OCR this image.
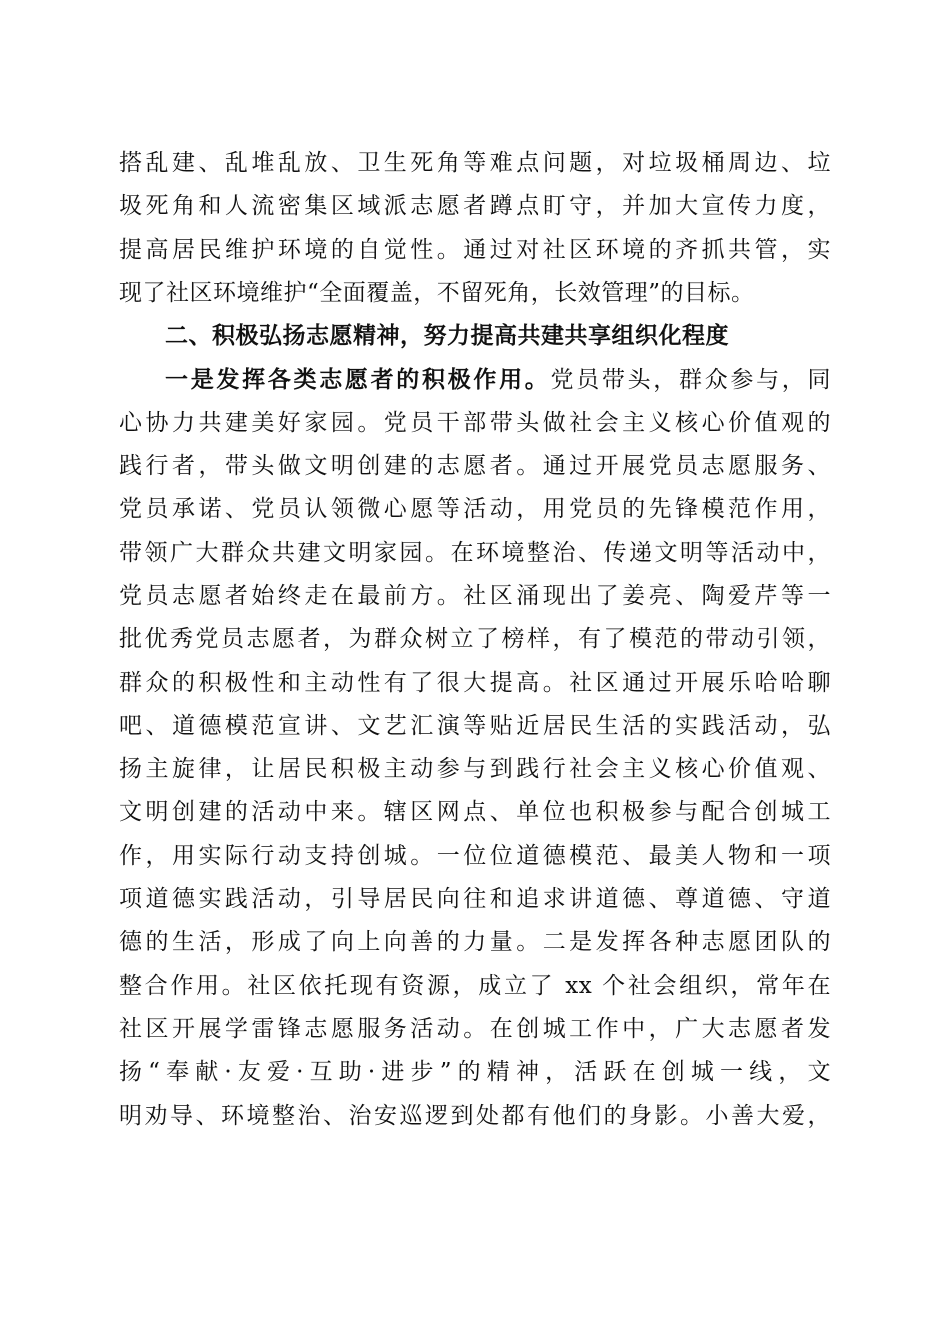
搭乱建、乱堆乱放、卫生死角等难点问题，对垃圾桶周边、垃
圾死角和人流密集区域派志愿者蹲点盯守，并加大宣传力度，
提高居民维护环境的自觉性。通过对社区环境的齐抓共管，实
现了社区环境维护“全面覆盖，不留死角，长效管理”的目标。
二、积极弘扬志愿精神，努力提高共建共享组织化程度
一是发挥各类志愿者的积极作用。党员带头，群众参与，同
心协力共建美好家园。党员干部带头做社会主义核心价值观的
践行者，带头做文明创建的志愿者。通过开展党员志愿服务、
党员承诺、党员认领微心愿等活动，用党员的先锋模范作用，
带领广大群众共建文明家园。在环境整治、传递文明等活动中，
党员志愿者始终走在最前方。社区涌现出了姜亮、陶爱芹等一
批优秀党员志愿者，为群众树立了榜样，有了模范的带动引领，
群众的积极性和主动性有了很大提高。社区通过开展乐哈哈聊
吧、道德模范宣讲、文艺汇演等贴近居民生活的实践活动，弘
扬主旋律，让居民积极主动参与到践行社会主义核心价值观、
文明创建的活动中来。辖区网点、单位也积极参与配合创城工
作，用实际行动支持创城。一位位道德模范、最美人物和一项
项道德实践活动，引导居民向往和追求讲道德、尊道德、守道
德的生活，形成了向上向善的力量。二是发挥各种志愿团队的
整合作用。社区依托现有资源，成立了 xx 个社会组织，常年在
社区开展学雷锋志愿服务活动。在创城工作中，广大志愿者发
扬“奉献·友爱·互助·进步”的精神，活跃在创城一线，文
明劝导、环境整治、治安巡逻到处都有他们的身影。小善大爱，
